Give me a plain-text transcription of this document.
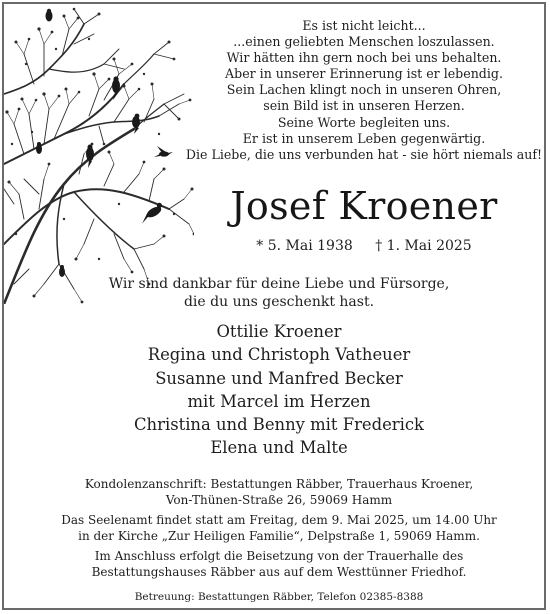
Es ist nicht leicht...
...einen geliebten Menschen loszulassen.
Wir hätten ihn gern noch bei uns behalten.
Aber in unserer Erinnerung ist er lebendig.
Sein Lachen klingt noch in unseren Ohren,
sein Bild ist in unseren Herzen.
Seine Worte begleiten uns.
Er ist in unserem Leben gegenwärtig.
Die Liebe, die uns verbunden hat - sie hört niemals auf!
Josef Kroener
* 5. Mai 1938 † 1. Mai 2025
Wir sind dankbar für deine Liebe und Fürsorge,
die du uns geschenkt hast.
Ottilie Kroener
Regina und Christoph Vatheuer
Susanne und Manfred Becker
mit Marcel im Herzen
Christina und Benny mit Frederick
Elena und Malte
Kondolenzanschrift: Bestattungen Räbber, Trauerhaus Kroener,
Von-Thünen-Straße 26, 59069 Hamm
Das Seelenamt findet statt am Freitag, dem 9. Mai 2025, um 14.00 Uhr
in der Kirche „Zur Heiligen Familie“, Delpstraße 1, 59069 Hamm.
Im Anschluss erfolgt die Beisetzung von der Trauerhalle des
Bestattungshauses Räbber aus auf dem Westtünner Friedhof.
Betreuung: Bestattungen Räbber, Telefon 02385-8388
